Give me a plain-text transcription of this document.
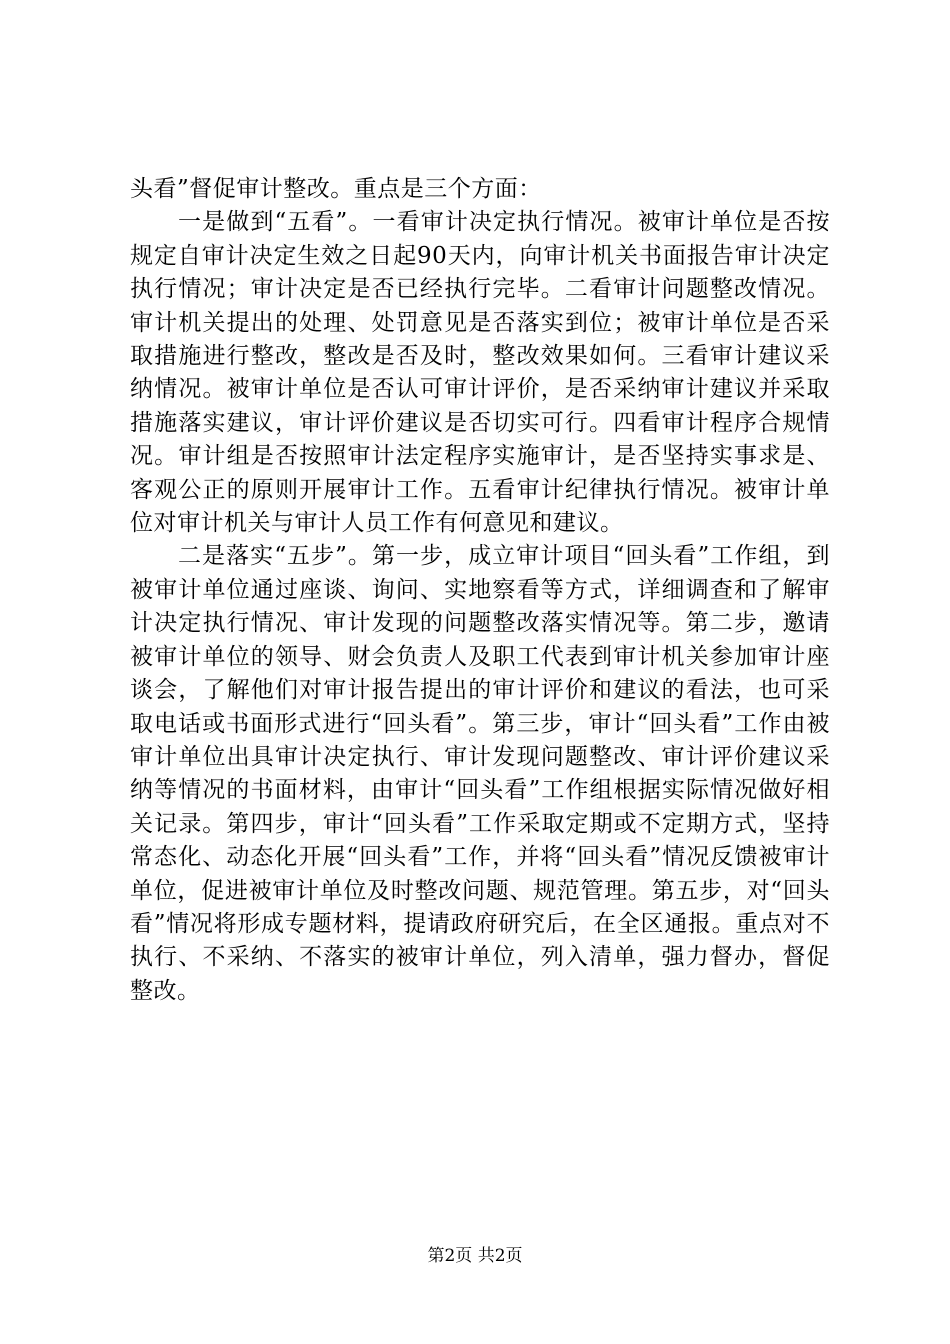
头看”督促审计整改。重点是三个方面：

一是做到“五看”。一看审计决定执行情况。被审计单位是否按规定自审计决定生效之日起90天内，向审计机关书面报告审计决定执行情况；审计决定是否已经执行完毕。二看审计问题整改情况。审计机关提出的处理、处罚意见是否落实到位；被审计单位是否采取措施进行整改，整改是否及时，整改效果如何。三看审计建议采纳情况。被审计单位是否认可审计评价，是否采纳审计建议并采取措施落实建议，审计评价建议是否切实可行。四看审计程序合规情况。审计组是否按照审计法定程序实施审计，是否坚持实事求是、客观公正的原则开展审计工作。五看审计纪律执行情况。被审计单位对审计机关与审计人员工作有何意见和建议。

二是落实“五步”。第一步，成立审计项目“回头看”工作组，到被审计单位通过座谈、询问、实地察看等方式，详细调查和了解审计决定执行情况、审计发现的问题整改落实情况等。第二步，邀请被审计单位的领导、财会负责人及职工代表到审计机关参加审计座谈会，了解他们对审计报告提出的审计评价和建议的看法，也可采取电话或书面形式进行“回头看”。第三步，审计“回头看”工作由被审计单位出具审计决定执行、审计发现问题整改、审计评价建议采纳等情况的书面材料，由审计“回头看”工作组根据实际情况做好相关记录。第四步，审计“回头看”工作采取定期或不定期方式，坚持常态化、动态化开展“回头看”工作，并将“回头看”情况反馈被审计单位，促进被审计单位及时整改问题、规范管理。第五步，对“回头看”情况将形成专题材料，提请政府研究后，在全区通报。重点对不执行、不采纳、不落实的被审计单位，列入清单，强力督办，督促整改。

第2页 共2页
